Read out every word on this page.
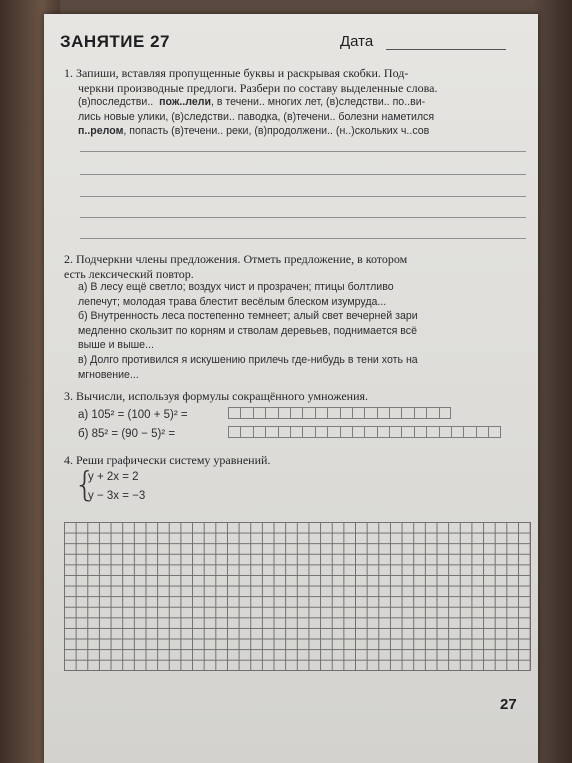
ЗАНЯТИЕ 27	Дата
1. Запиши, вставляя пропущенные буквы и раскрывая скобки. Под-
черкни производные предлоги. Разбери по составу выделенные слова.
(в)последстви.. пож..лели, в течени.. многих лет, (в)следстви.. по..ви-
лись новые улики, (в)следстви.. паводка, (в)течени.. болезни наметился
п..релом, попасть (в)течени.. реки, (в)продолжени.. (н..)скольких ч..сов
2. Подчеркни члены предложения. Отметь предложение, в котором
есть лексический повтор.
а) В лесу ещё светло; воздух чист и прозрачен; птицы болтливо
лепечут; молодая трава блестит весёлым блеском изумруда...
б) Внутренность леса постепенно темнеет; алый свет вечерней зари
медленно скользит по корням и стволам деревьев, поднимается всё
выше и выше...
в) Долго противился я искушению прилечь где-нибудь в тени хоть на
мгновение...
3. Вычисли, используя формулы сокращённого умножения.
а) 105² = (100 + 5)² =
б) 85² = (90 − 5)² =
4. Реши графически систему уравнений.
{
y + 2x = 2
y − 3x = −3
27
